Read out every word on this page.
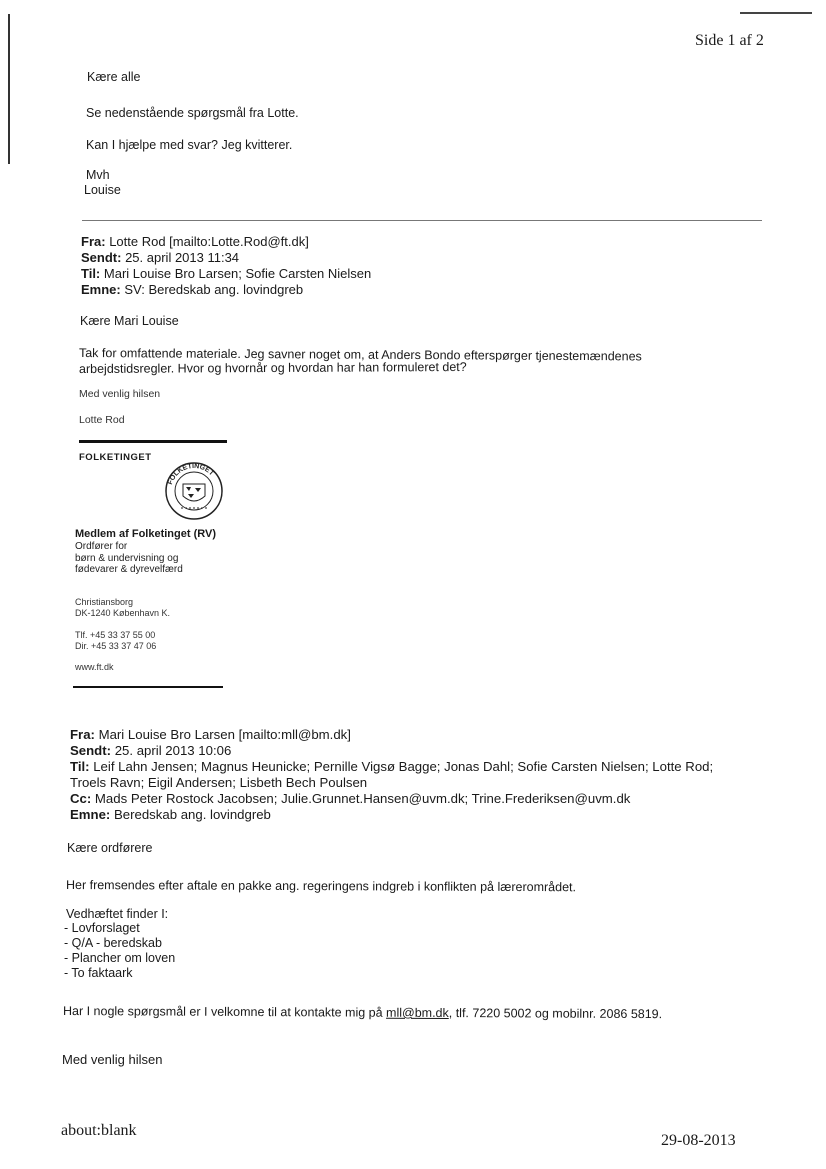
Side 1 af 2
Kære alle
Se nedenstående spørgsmål fra Lotte.
Kan I hjælpe med svar? Jeg kvitterer.
Mvh
Louise
Fra: Lotte Rod [mailto:Lotte.Rod@ft.dk]
Sendt: 25. april 2013 11:34
Til: Mari Louise Bro Larsen; Sofie Carsten Nielsen
Emne: SV: Beredskab ang. lovindgreb
Kære Mari Louise
Tak for omfattende materiale. Jeg savner noget om, at Anders Bondo efterspørger tjenestemændenes
arbejdstidsregler. Hvor og hvornår og hvordan har han formuleret det?
Med venlig hilsen
Lotte Rod
FOLKETINGET
FOLKETINGET
Medlem af Folketinget (RV)
Ordfører for
børn & undervisning og
fødevarer & dyrevelfærd
Christiansborg
DK-1240 København K.
Tlf. +45 33 37 55 00
Dir. +45 33 37 47 06
www.ft.dk
Fra: Mari Louise Bro Larsen [mailto:mll@bm.dk]
Sendt: 25. april 2013 10:06
Til: Leif Lahn Jensen; Magnus Heunicke; Pernille Vigsø Bagge; Jonas Dahl; Sofie Carsten Nielsen; Lotte Rod;
Troels Ravn; Eigil Andersen; Lisbeth Bech Poulsen
Cc: Mads Peter Rostock Jacobsen; Julie.Grunnet.Hansen@uvm.dk; Trine.Frederiksen@uvm.dk
Emne: Beredskab ang. lovindgreb
Kære ordførere
Her fremsendes efter aftale en pakke ang. regeringens indgreb i konflikten på lærerområdet.
Vedhæftet finder I:
- Lovforslaget
- Q/A - beredskab
- Plancher om loven
- To faktaark
Har I nogle spørgsmål er I velkomne til at kontakte mig på mll@bm.dk, tlf. 7220 5002 og mobilnr. 2086 5819.
Med venlig hilsen
about:blank
29-08-2013
